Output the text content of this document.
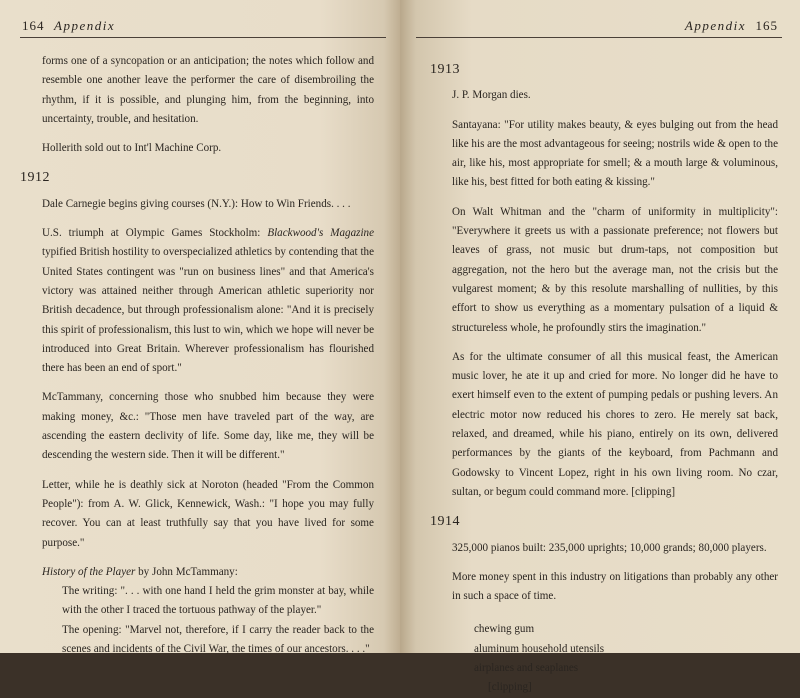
164 Appendix

forms one of a syncopation or an anticipation; the notes which follow and resemble one another leave the performer the care of disembroiling the rhythm, if it is possible, and plunging him, from the beginning, into uncertainty, trouble, and hesitation.

Hollerith sold out to Int'l Machine Corp.

1912

Dale Carnegie begins giving courses (N.Y.): How to Win Friends. . . .

U.S. triumph at Olympic Games Stockholm: Blackwood's Magazine typified British hostility to overspecialized athletics by contending that the United States contingent was "run on business lines" and that America's victory was attained neither through American athletic superiority nor British decadence, but through professionalism alone: "And it is precisely this spirit of professionalism, this lust to win, which we hope will never be introduced into Great Britain. Wherever professionalism has flourished there has been an end of sport."

McTammany, concerning those who snubbed him because they were making money, &c.: "Those men have traveled part of the way, are ascending the eastern declivity of life. Some day, like me, they will be descending the western side. Then it will be different."

Letter, while he is deathly sick at Noroton (headed "From the Common People"): from A. W. Glick, Kennewick, Wash.: "I hope you may fully recover. You can at least truthfully say that you have lived for some purpose."

History of the Player by John McTammany:

The writing: ". . . with one hand I held the grim monster at bay, while with the other I traced the tortuous pathway of the player."

The opening: "Marvel not, therefore, if I carry the reader back to the scenes and incidents of the Civil War, the times of our ancestors. . . ."

Appendix 165
1913

J. P. Morgan dies.

Santayana: "For utility makes beauty, & eyes bulging out from the head like his are the most advantageous for seeing; nostrils wide & open to the air, like his, most appropriate for smell; & a mouth large & voluminous, like his, best fitted for both eating & kissing."

On Walt Whitman and the "charm of uniformity in multiplicity": "Everywhere it greets us with a passionate preference; not flowers but leaves of grass, not music but drum-taps, not composition but aggregation, not the hero but the average man, not the crisis but the vulgarest moment; & by this resolute marshalling of nullities, by this effort to show us everything as a momentary pulsation of a liquid & structureless whole, he profoundly stirs the imagination."

As for the ultimate consumer of all this musical feast, the American music lover, he ate it up and cried for more. No longer did he have to exert himself even to the extent of pumping pedals or pushing levers. An electric motor now reduced his chores to zero. He merely sat back, relaxed, and dreamed, while his piano, entirely on its own, delivered performances by the giants of the keyboard, from Pachmann and Godowsky to Vincent Lopez, right in his own living room. No czar, sultan, or begum could command more. [clipping]

1914

325,000 pianos built: 235,000 uprights; 10,000 grands; 80,000 players.

More money spent in this industry on litigations than probably any other in such a space of time.

chewing gum
aluminum household utensils
airplanes and seaplanes
[clipping]
